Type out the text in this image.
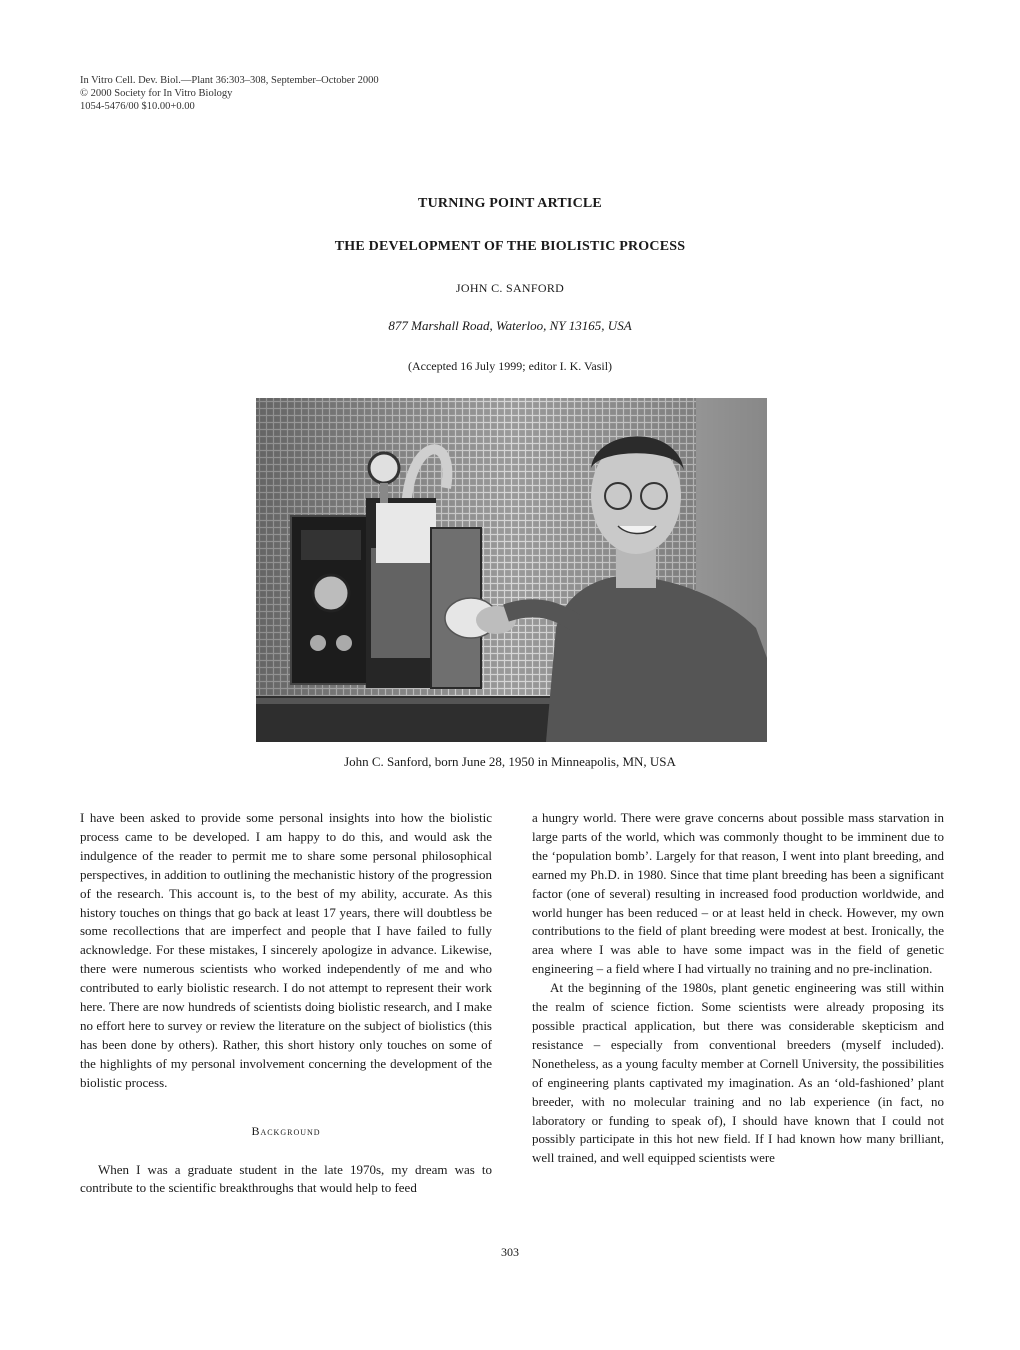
In Vitro Cell. Dev. Biol.—Plant 36:303–308, September–October 2000
© 2000 Society for In Vitro Biology
1054-5476/00 $10.00+0.00
TURNING POINT ARTICLE
THE DEVELOPMENT OF THE BIOLISTIC PROCESS
JOHN C. SANFORD
877 Marshall Road, Waterloo, NY 13165, USA
(Accepted 16 July 1999; editor I. K. Vasil)
John C. Sanford, born June 28, 1950 in Minneapolis, MN, USA

I have been asked to provide some personal insights into how the biolistic process came to be developed. I am happy to do this, and would ask the indulgence of the reader to permit me to share some personal philosophical perspectives, in addition to outlining the mechanistic history of the progression of the research. This account is, to the best of my ability, accurate. As this history touches on things that go back at least 17 years, there will doubtless be some recollections that are imperfect and people that I have failed to fully acknowledge. For these mistakes, I sincerely apologize in advance. Likewise, there were numerous scientists who worked independently of me and who contributed to early biolistic research. I do not attempt to represent their work here. There are now hundreds of scientists doing biolistic research, and I make no effort here to survey or review the literature on the subject of biolistics (this has been done by others). Rather, this short history only touches on some of the highlights of my personal involvement concerning the development of the biolistic process.

Background

When I was a graduate student in the late 1970s, my dream was to contribute to the scientific breakthroughs that would help to feed

a hungry world. There were grave concerns about possible mass starvation in large parts of the world, which was commonly thought to be imminent due to the ‘population bomb’. Largely for that reason, I went into plant breeding, and earned my Ph.D. in 1980. Since that time plant breeding has been a significant factor (one of several) resulting in increased food production worldwide, and world hunger has been reduced – or at least held in check. However, my own contributions to the field of plant breeding were modest at best. Ironically, the area where I was able to have some impact was in the field of genetic engineering – a field where I had virtually no training and no pre-inclination.

At the beginning of the 1980s, plant genetic engineering was still within the realm of science fiction. Some scientists were already proposing its possible practical application, but there was considerable skepticism and resistance – especially from conventional breeders (myself included). Nonetheless, as a young faculty member at Cornell University, the possibilities of engineering plants captivated my imagination. As an ‘old-fashioned’ plant breeder, with no molecular training and no lab experience (in fact, no laboratory or funding to speak of), I should have known that I could not possibly participate in this hot new field. If I had known how many brilliant, well trained, and well equipped scientists were

303
